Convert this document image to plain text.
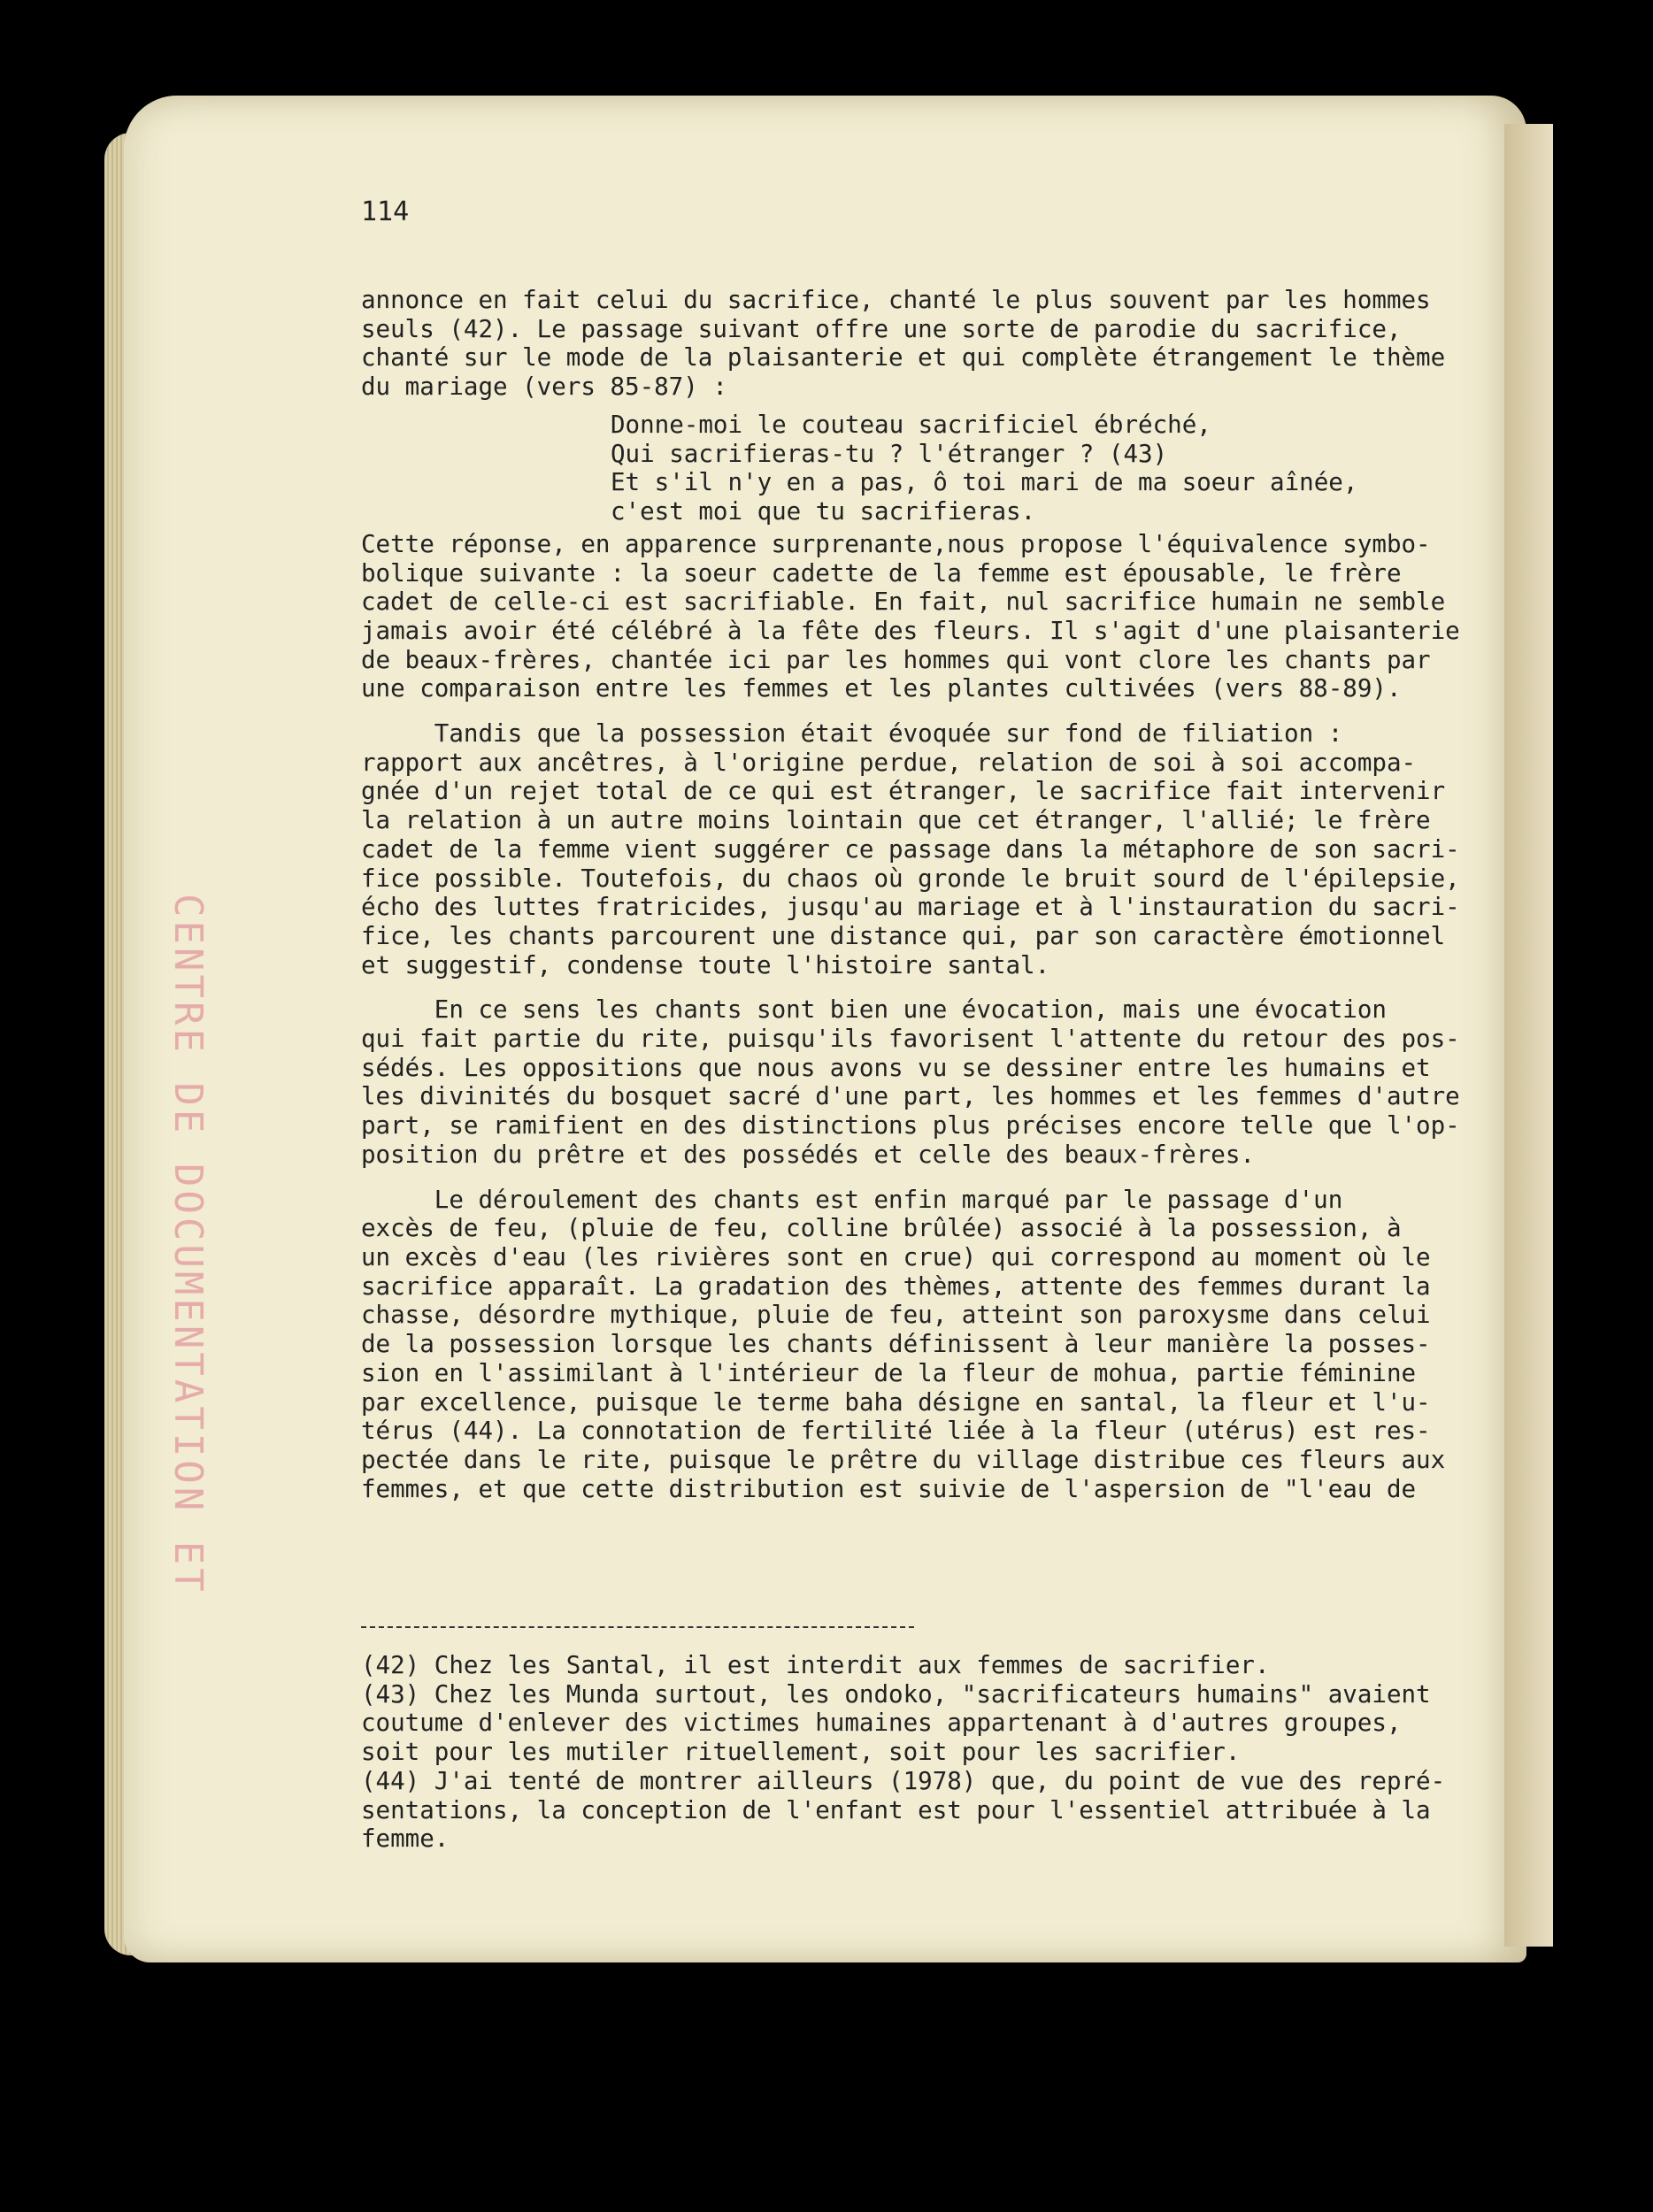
CENTRE DE DOCUMENTATION ET
114

annonce en fait celui du sacrifice, chanté le plus souvent par les hommes

seuls (42). Le passage suivant offre une sorte de parodie du sacrifice,

chanté sur le mode de la plaisanterie et qui complète étrangement le thème

du mariage (vers 85-87) :

Cette réponse, en apparence surprenante,nous propose l'équivalence symbo-

bolique suivante : la soeur cadette de la femme est épousable, le frère

cadet de celle-ci est sacrifiable. En fait, nul sacrifice humain ne semble

jamais avoir été célébré à la fête des fleurs. Il s'agit d'une plaisanterie

de beaux-frères, chantée ici par les hommes qui vont clore les chants par

une comparaison entre les femmes et les plantes cultivées (vers 88-89).

Tandis que la possession était évoquée sur fond de filiation :

rapport aux ancêtres, à l'origine perdue, relation de soi à soi accompa-

gnée d'un rejet total de ce qui est étranger, le sacrifice fait intervenir

la relation à un autre moins lointain que cet étranger, l'allié; le frère

cadet de la femme vient suggérer ce passage dans la métaphore de son sacri-

fice possible. Toutefois, du chaos où gronde le bruit sourd de l'épilepsie,

écho des luttes fratricides, jusqu'au mariage et à l'instauration du sacri-

fice, les chants parcourent une distance qui, par son caractère émotionnel

et suggestif, condense toute l'histoire santal.

En ce sens les chants sont bien une évocation, mais une évocation

qui fait partie du rite, puisqu'ils favorisent l'attente du retour des pos-

sédés. Les oppositions que nous avons vu se dessiner entre les humains et

les divinités du bosquet sacré d'une part, les hommes et les femmes d'autre

part, se ramifient en des distinctions plus précises encore telle que l'op-

position du prêtre et des possédés et celle des beaux-frères.

Le déroulement des chants est enfin marqué par le passage d'un

excès de feu, (pluie de feu, colline brûlée) associé à la possession, à

un excès d'eau (les rivières sont en crue) qui correspond au moment où le

sacrifice apparaît. La gradation des thèmes, attente des femmes durant la

chasse, désordre mythique, pluie de feu, atteint son paroxysme dans celui

de la possession lorsque les chants définissent à leur manière la posses-

sion en l'assimilant à l'intérieur de la fleur de mohua, partie féminine

par excellence, puisque le terme baha désigne en santal, la fleur et l'u-

térus (44). La connotation de fertilité liée à la fleur (utérus) est res-

pectée dans le rite, puisque le prêtre du village distribue ces fleurs aux

femmes, et que cette distribution est suivie de l'aspersion de "l'eau de

Donne-moi le couteau sacrificiel ébréché,
Qui sacrifieras-tu ? l'étranger ? (43)
Et s'il n'y en a pas, ô toi mari de ma soeur aînée,
c'est moi que tu sacrifieras.
(42) Chez les Santal, il est interdit aux femmes de sacrifier.
(43) Chez les Munda surtout, les ondoko, "sacrificateurs humains" avaient
coutume d'enlever des victimes humaines appartenant à d'autres groupes,
soit pour les mutiler rituellement, soit pour les sacrifier.
(44) J'ai tenté de montrer ailleurs (1978) que, du point de vue des repré-
sentations, la conception de l'enfant est pour l'essentiel attribuée à la
femme.
